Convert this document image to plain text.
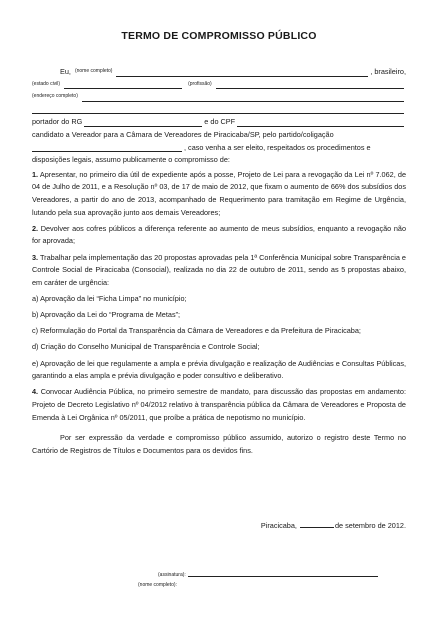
TERMO DE COMPROMISSO PÚBLICO
Eu, (nome completo)	, brasileiro,
(estado civil)	(profissão)
(endereço completo)
portador do RG	e do CPF
candidato a Vereador para a Câmara de Vereadores de Piracicaba/SP, pelo partido/coligação
, caso venha a ser eleito, respeitados os procedimentos e
disposições legais, assumo publicamente o compromisso de:

1. Apresentar, no primeiro dia útil de expediente após a posse, Projeto de Lei para a revogação da Lei nº 7.062, de 04 de Julho de 2011, e a Resolução nº 03, de 17 de maio de 2012, que fixam o aumento de 66% dos subsídios dos Vereadores, a partir do ano de 2013, acompanhado de Requerimento para tramitação em Regime de Urgência, lutando pela sua aprovação junto aos demais Vereadores;

2. Devolver aos cofres públicos a diferença referente ao aumento de meus subsídios, enquanto a revogação não for aprovada;

3. Trabalhar pela implementação das 20 propostas aprovadas pela 1ª Conferência Municipal sobre Transparência e Controle Social de Piracicaba (Consocial), realizada no dia 22 de outubro de 2011, sendo as 5 propostas abaixo, em caráter de urgência:

a) Aprovação da lei “Ficha Limpa” no município;

b) Aprovação da Lei do “Programa de Metas”;

c) Reformulação do Portal da Transparência da Câmara de Vereadores e da Prefeitura de Piracicaba;

d) Criação do Conselho Municipal de Transparência e Controle Social;

e) Aprovação de lei que regulamente a ampla e prévia divulgação e realização de Audiências e Consultas Públicas, garantindo a elas ampla e prévia divulgação e poder consultivo e deliberativo.

4. Convocar Audiência Pública, no primeiro semestre de mandato, para discussão das propostas em andamento: Projeto de Decreto Legislativo nº 04/2012 relativo à transparência pública da Câmara de Vereadores e Proposta de Emenda à Lei Orgânica nº 05/2011, que proíbe a prática de nepotismo no município.

Por ser expressão da verdade e compromisso público assumido, autorizo o registro deste Termo no Cartório de Registros de Títulos e Documentos para os devidos fins.

Piracicaba,	de setembro de 2012.
(assinatura):
(nome completo):
